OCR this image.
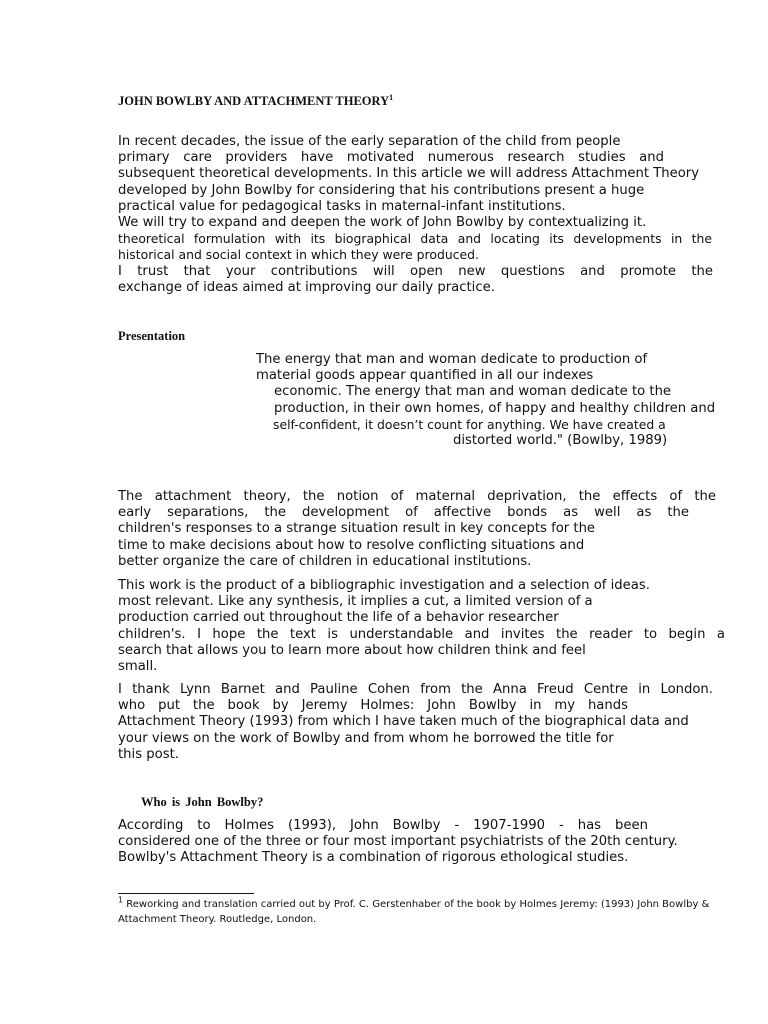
JOHN BOWLBY AND ATTACHMENT THEORY$^1$
In recent decades, the issue of the early separation of the child from people
primary care providers have motivated numerous research studies and
subsequent theoretical developments. In this article we will address Attachment Theory
developed by John Bowlby for considering that his contributions present a huge
practical value for pedagogical tasks in maternal-infant institutions.
We will try to expand and deepen the work of John Bowlby by contextualizing it.
theoretical formulation with its biographical data and locating its developments in the
historical and social context in which they were produced.
I trust that your contributions will open new questions and promote the
exchange of ideas aimed at improving our daily practice.
Presentation
The energy that man and woman dedicate to production of
material goods appear quantified in all our indexes
economic. The energy that man and woman dedicate to the
production, in their own homes, of happy and healthy children and
self-confident, it doesn’t count for anything. We have created a
distorted world." (Bowlby, 1989)
The attachment theory, the notion of maternal deprivation, the effects of the
early separations, the development of affective bonds as well as the
children's responses to a strange situation result in key concepts for the
time to make decisions about how to resolve conflicting situations and
better organize the care of children in educational institutions.
This work is the product of a bibliographic investigation and a selection of ideas.
most relevant. Like any synthesis, it implies a cut, a limited version of a
production carried out throughout the life of a behavior researcher
children's. I hope the text is understandable and invites the reader to begin a
search that allows you to learn more about how children think and feel
small.
I thank Lynn Barnet and Pauline Cohen from the Anna Freud Centre in London.
who put the book by Jeremy Holmes: John Bowlby in my hands
Attachment Theory (1993) from which I have taken much of the biographical data and
your views on the work of Bowlby and from whom he borrowed the title for
this post.
Who is John Bowlby?
According to Holmes (1993), John Bowlby - 1907-1990 - has been
considered one of the three or four most important psychiatrists of the 20th century.
Bowlby's Attachment Theory is a combination of rigorous ethological studies.
$^1$ Reworking and translation carried out by Prof. C. Gerstenhaber of the book by Holmes Jeremy: (1993) John Bowlby &
Attachment Theory. Routledge, London.
